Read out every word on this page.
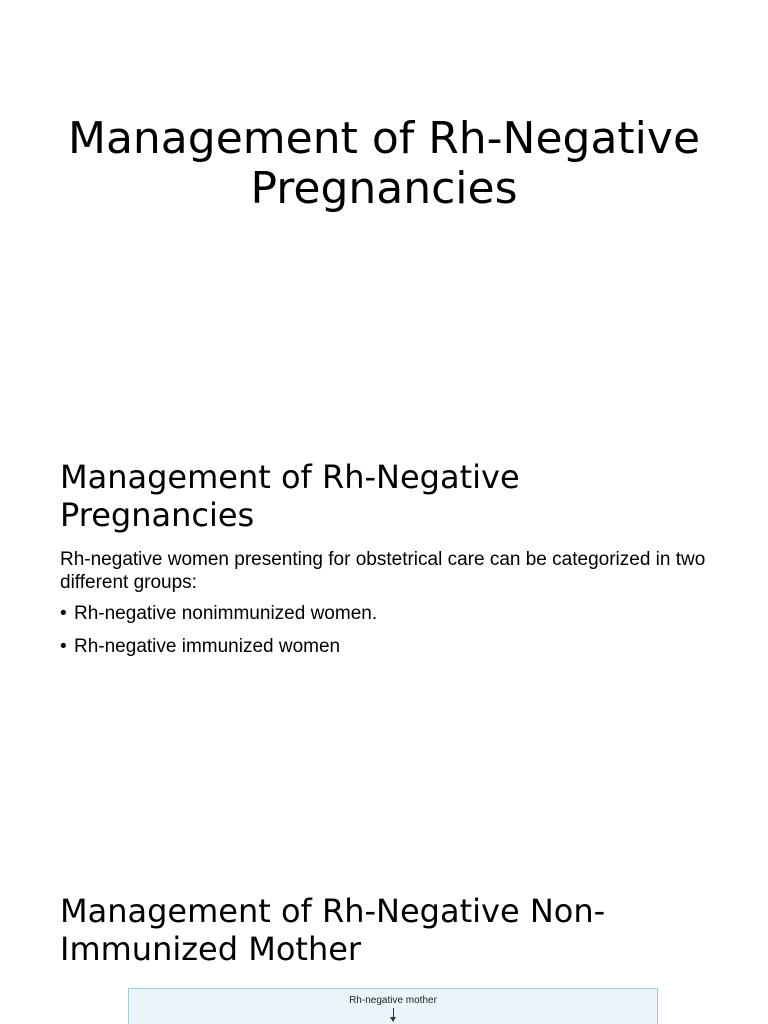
Management of Rh-Negative Pregnancies
Management of Rh-Negative Pregnancies

Rh-negative women presenting for obstetrical care can be categorized in two different groups:

• Rh-negative nonimmunized women.
• Rh-negative immunized women
Management of Rh-Negative Non-Immunized Mother
Rh-negative mother
